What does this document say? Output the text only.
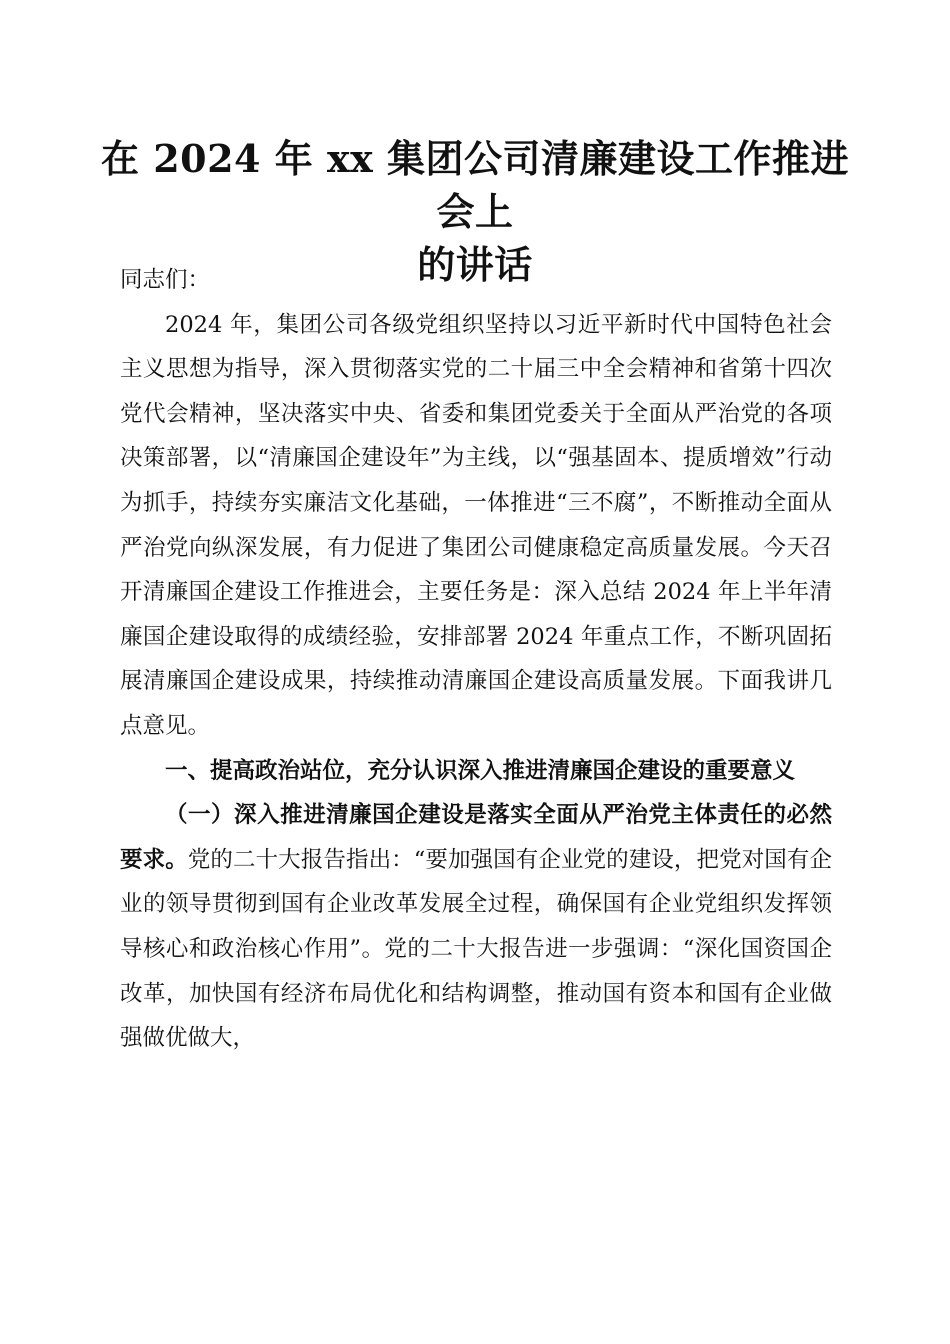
在 2024 年 xx 集团公司清廉建设工作推进会上
的讲话

同志们：

2024 年，集团公司各级党组织坚持以习近平新时代中国特色社会主义思想为指导，深入贯彻落实党的二十届三中全会精神和省第十四次党代会精神，坚决落实中央、省委和集团党委关于全面从严治党的各项决策部署，以“清廉国企建设年”为主线，以“强基固本、提质增效”行动为抓手，持续夯实廉洁文化基础，一体推进“三不腐”，不断推动全面从严治党向纵深发展，有力促进了集团公司健康稳定高质量发展。今天召开清廉国企建设工作推进会，主要任务是：深入总结 2024 年上半年清廉国企建设取得的成绩经验，安排部署 2024 年重点工作，不断巩固拓展清廉国企建设成果，持续推动清廉国企建设高质量发展。下面我讲几点意见。

一、提高政治站位，充分认识深入推进清廉国企建设的重要意义

（一）深入推进清廉国企建设是落实全面从严治党主体责任的必然要求。党的二十大报告指出：“要加强国有企业党的建设，把党对国有企业的领导贯彻到国有企业改革发展全过程，确保国有企业党组织发挥领导核心和政治核心作用”。党的二十大报告进一步强调：“深化国资国企改革，加快国有经济布局优化和结构调整，推动国有资本和国有企业做强做优做大，
